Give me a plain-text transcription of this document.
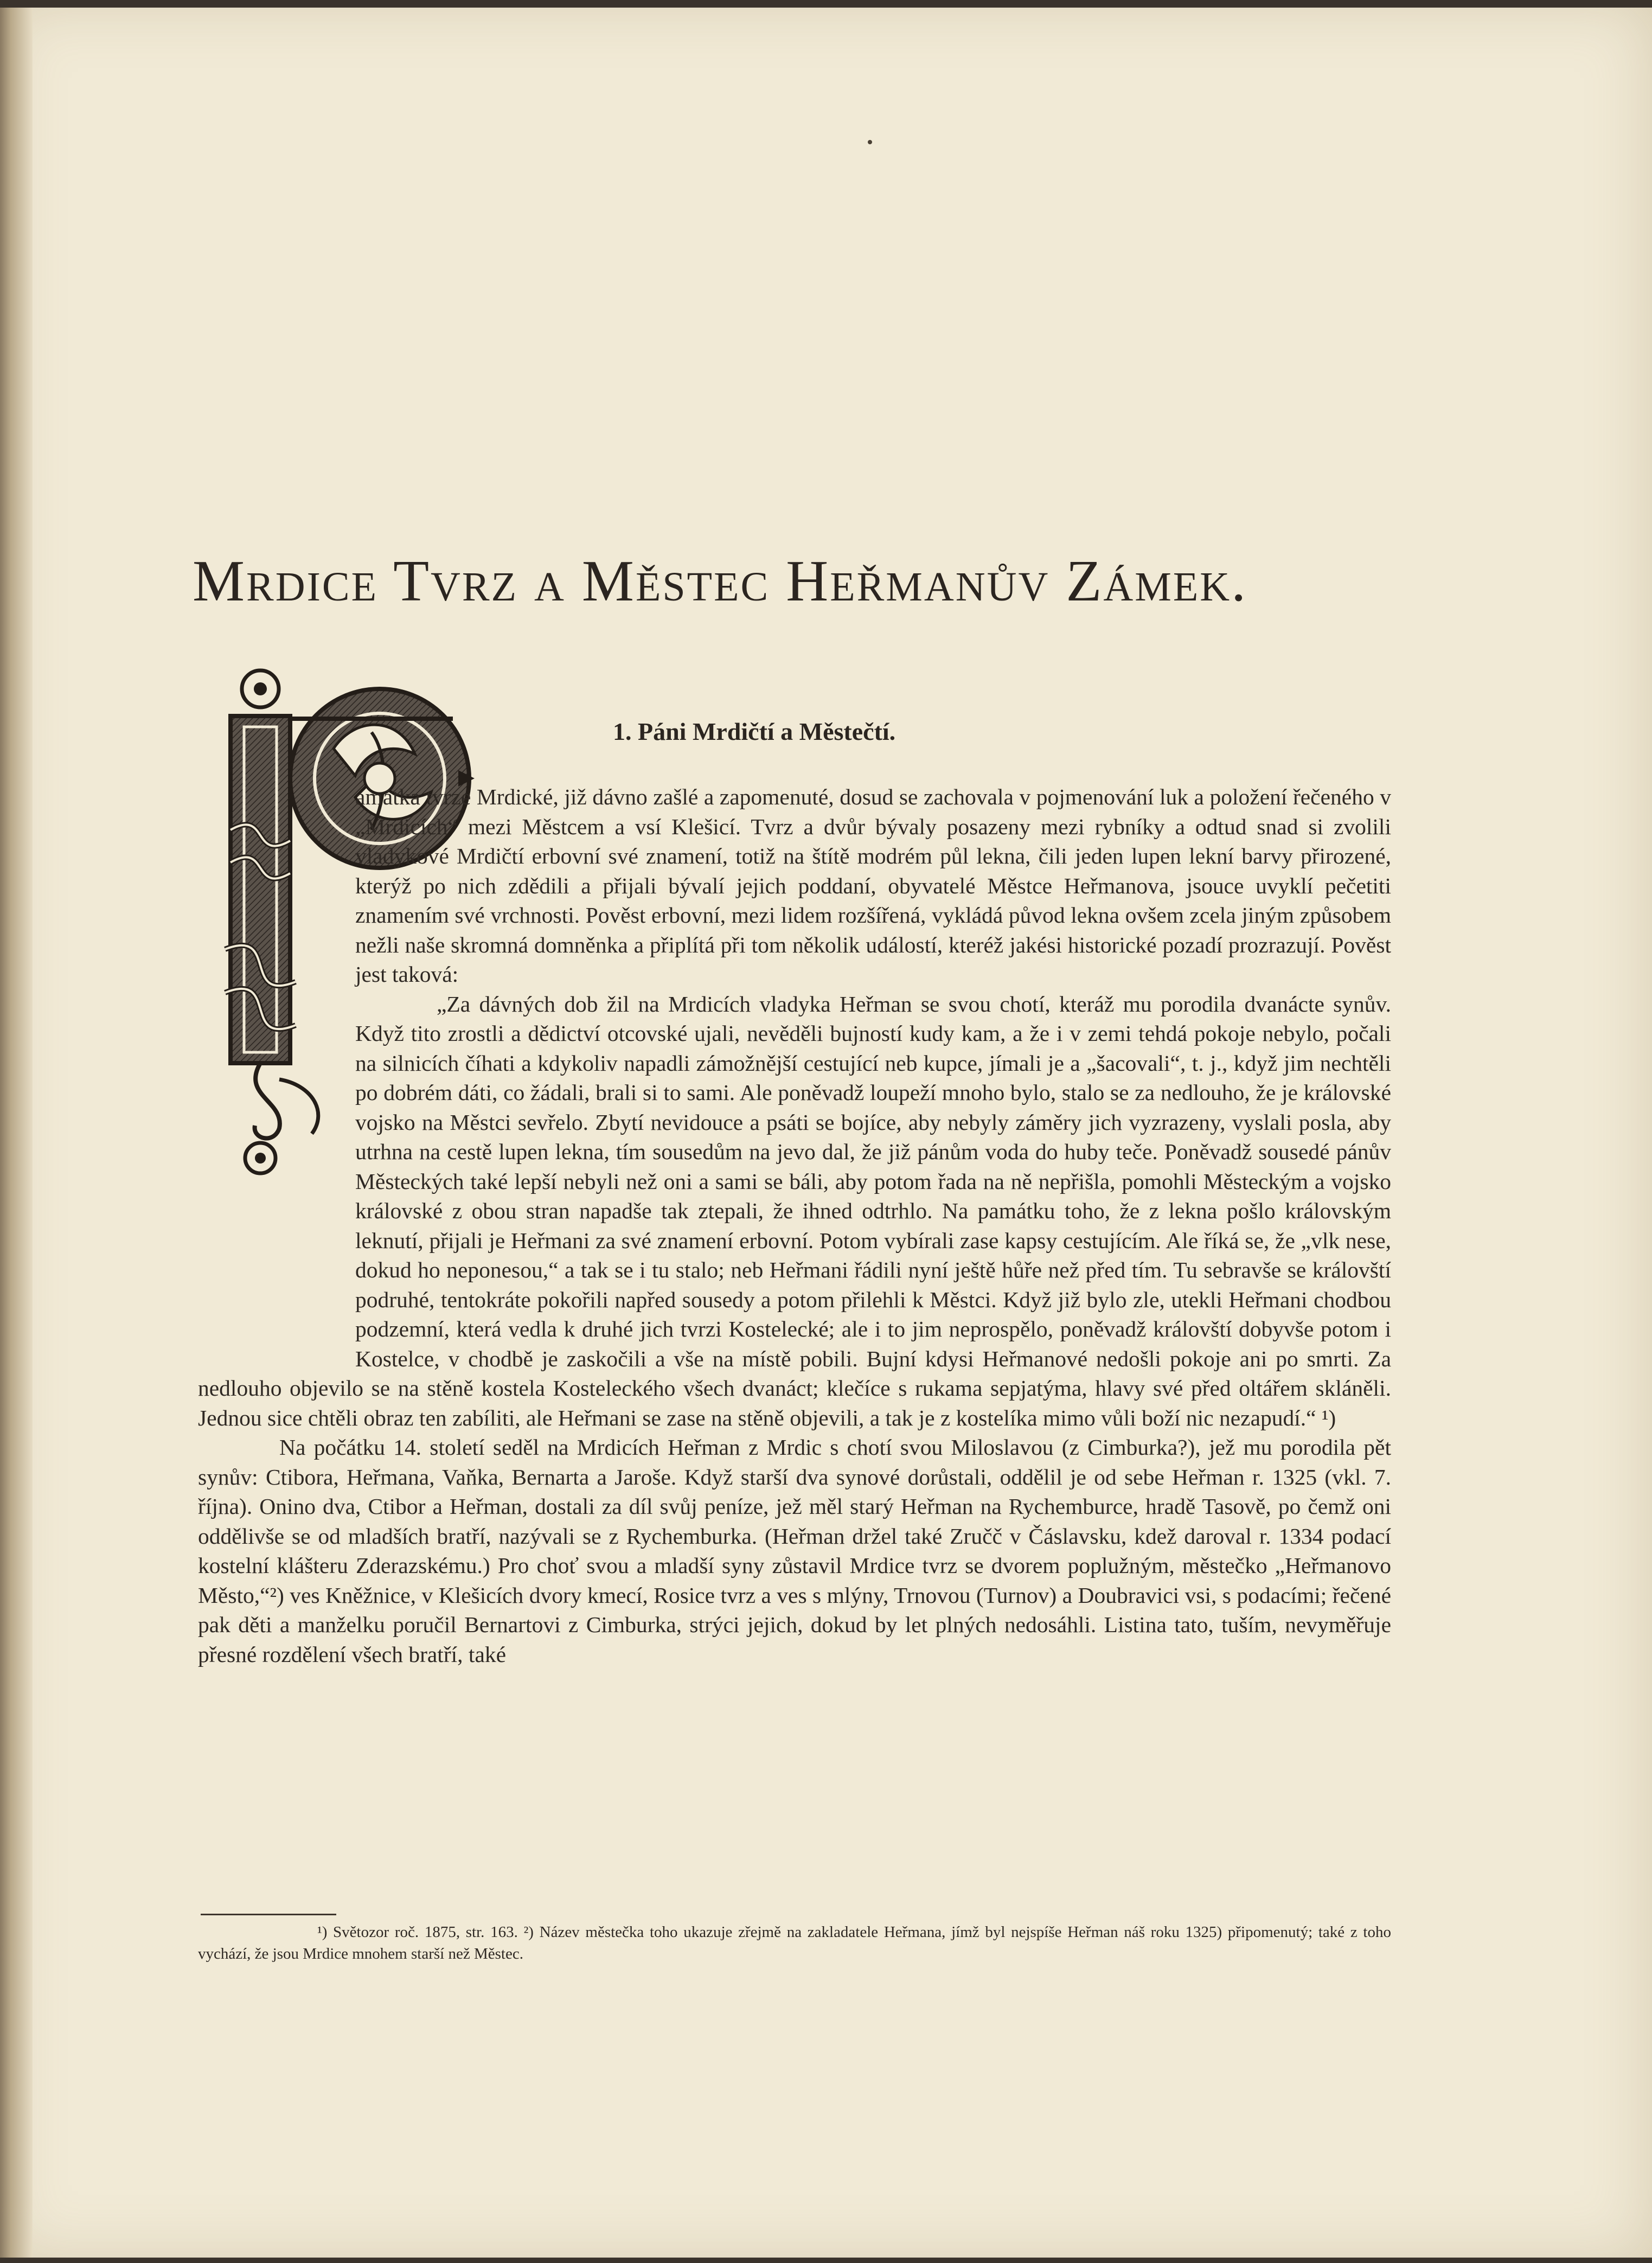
Mrdice Tvrz a Městec Heřmanův Zámek.
1. Páni Mrdičtí a Městečtí.

amátka tvrze Mrdické, již dávno zašlé a zapomenuté, dosud se zachovala v pojmenování luk a položení řečeného v „Mrdicích“ mezi Městcem a vsí Klešicí. Tvrz a dvůr bývaly posazeny mezi rybníky a odtud snad si zvolili vladykové Mrdičtí erbovní své znamení, totiž na štítě modrém půl lekna, čili jeden lupen lekní barvy přirozené, kterýž po nich zdědili a přijali bývalí jejich poddaní, obyvatelé Městce Heřmanova, jsouce uvyklí pečetiti znamením své vrchnosti. Pověst erbovní, mezi lidem rozšířená, vykládá původ lekna ovšem zcela jiným způsobem nežli naše skromná domněnka a připlítá při tom několik událostí, kteréž jakési historické pozadí prozrazují. Pověst jest taková:

„Za dávných dob žil na Mrdicích vladyka Heřman se svou chotí, kteráž mu porodila dvanácte synův. Když tito zrostli a dědictví otcovské ujali, nevěděli bujností kudy kam, a že i v zemi tehdá pokoje nebylo, počali na silnicích číhati a kdykoliv napadli zámožnější cestující neb kupce, jímali je a „šacovali“, t. j., když jim nechtěli po dobrém dáti, co žádali, brali si to sami. Ale poněvadž loupeží mnoho bylo, stalo se za nedlouho, že je královské vojsko na Městci sevřelo. Zbytí nevidouce a psáti se bojíce, aby nebyly záměry jich vyzrazeny, vyslali posla, aby utrhna na cestě lupen lekna, tím sousedům na jevo dal, že již pánům voda do huby teče. Poněvadž sousedé pánův Městeckých také lepší nebyli než oni a sami se báli, aby potom řada na ně nepřišla, pomohli Městeckým a vojsko královské z obou stran napadše tak ztepali, že ihned odtrhlo. Na památku toho, že z lekna pošlo královským leknutí, přijali je Heřmani za své znamení erbovní. Potom vybírali zase kapsy cestujícím. Ale říká se, že „vlk nese, dokud ho neponesou,“ a tak se i tu stalo; neb Heřmani řádili nyní ještě hůře než před tím. Tu sebravše se královští podruhé, tentokráte pokořili napřed sousedy a potom přilehli k Městci. Když již bylo zle, utekli Heřmani chodbou podzemní, která vedla k druhé jich tvrzi Kostelecké; ale i to jim neprospělo, poněvadž královští dobyvše potom i Kostelce, v chodbě je zaskočili a vše na místě pobili. Bujní kdysi Heřmanové nedošli pokoje ani po smrti. Za nedlouho objevilo se na stěně kostela Kosteleckého všech dvanáct; klečíce s rukama sepjatýma, hlavy své před oltářem skláněli. Jednou sice chtěli obraz ten zabíliti, ale Heřmani se zase na stěně objevili, a tak je z kostelíka mimo vůli boží nic nezapudí.“ ¹)

Na počátku 14. století seděl na Mrdicích Heřman z Mrdic s chotí svou Miloslavou (z Cimburka?), jež mu porodila pět synův: Ctibora, Heřmana, Vaňka, Bernarta a Jaroše. Když starší dva synové dorůstali, oddělil je od sebe Heřman r. 1325 (vkl. 7. října). Onino dva, Ctibor a Heřman, dostali za díl svůj peníze, jež měl starý Heřman na Rychemburce, hradě Tasově, po čemž oni oddělivše se od mladších bratří, nazývali se z Rychemburka. (Heřman držel také Zručč v Čáslavsku, kdež daroval r. 1334 podací kostelní klášteru Zderazskému.) Pro choť svou a mladší syny zůstavil Mrdice tvrz se dvorem poplužným, městečko „Heřmanovo Město,“²) ves Kněžnice, v Klešicích dvory kmecí, Rosice tvrz a ves s mlýny, Trnovou (Turnov) a Doubravici vsi, s podacími; řečené pak děti a manželku poručil Bernartovi z Cimburka, strýci jejich, dokud by let plných nedosáhli. Listina tato, tuším, nevyměřuje přesné rozdělení všech bratří, také

¹) Světozor roč. 1875, str. 163. ²) Název městečka toho ukazuje zřejmě na zakladatele Heřmana, jímž byl nejspíše Heřman náš roku 1325) připomenutý; také z toho vychází, že jsou Mrdice mnohem starší než Městec.
